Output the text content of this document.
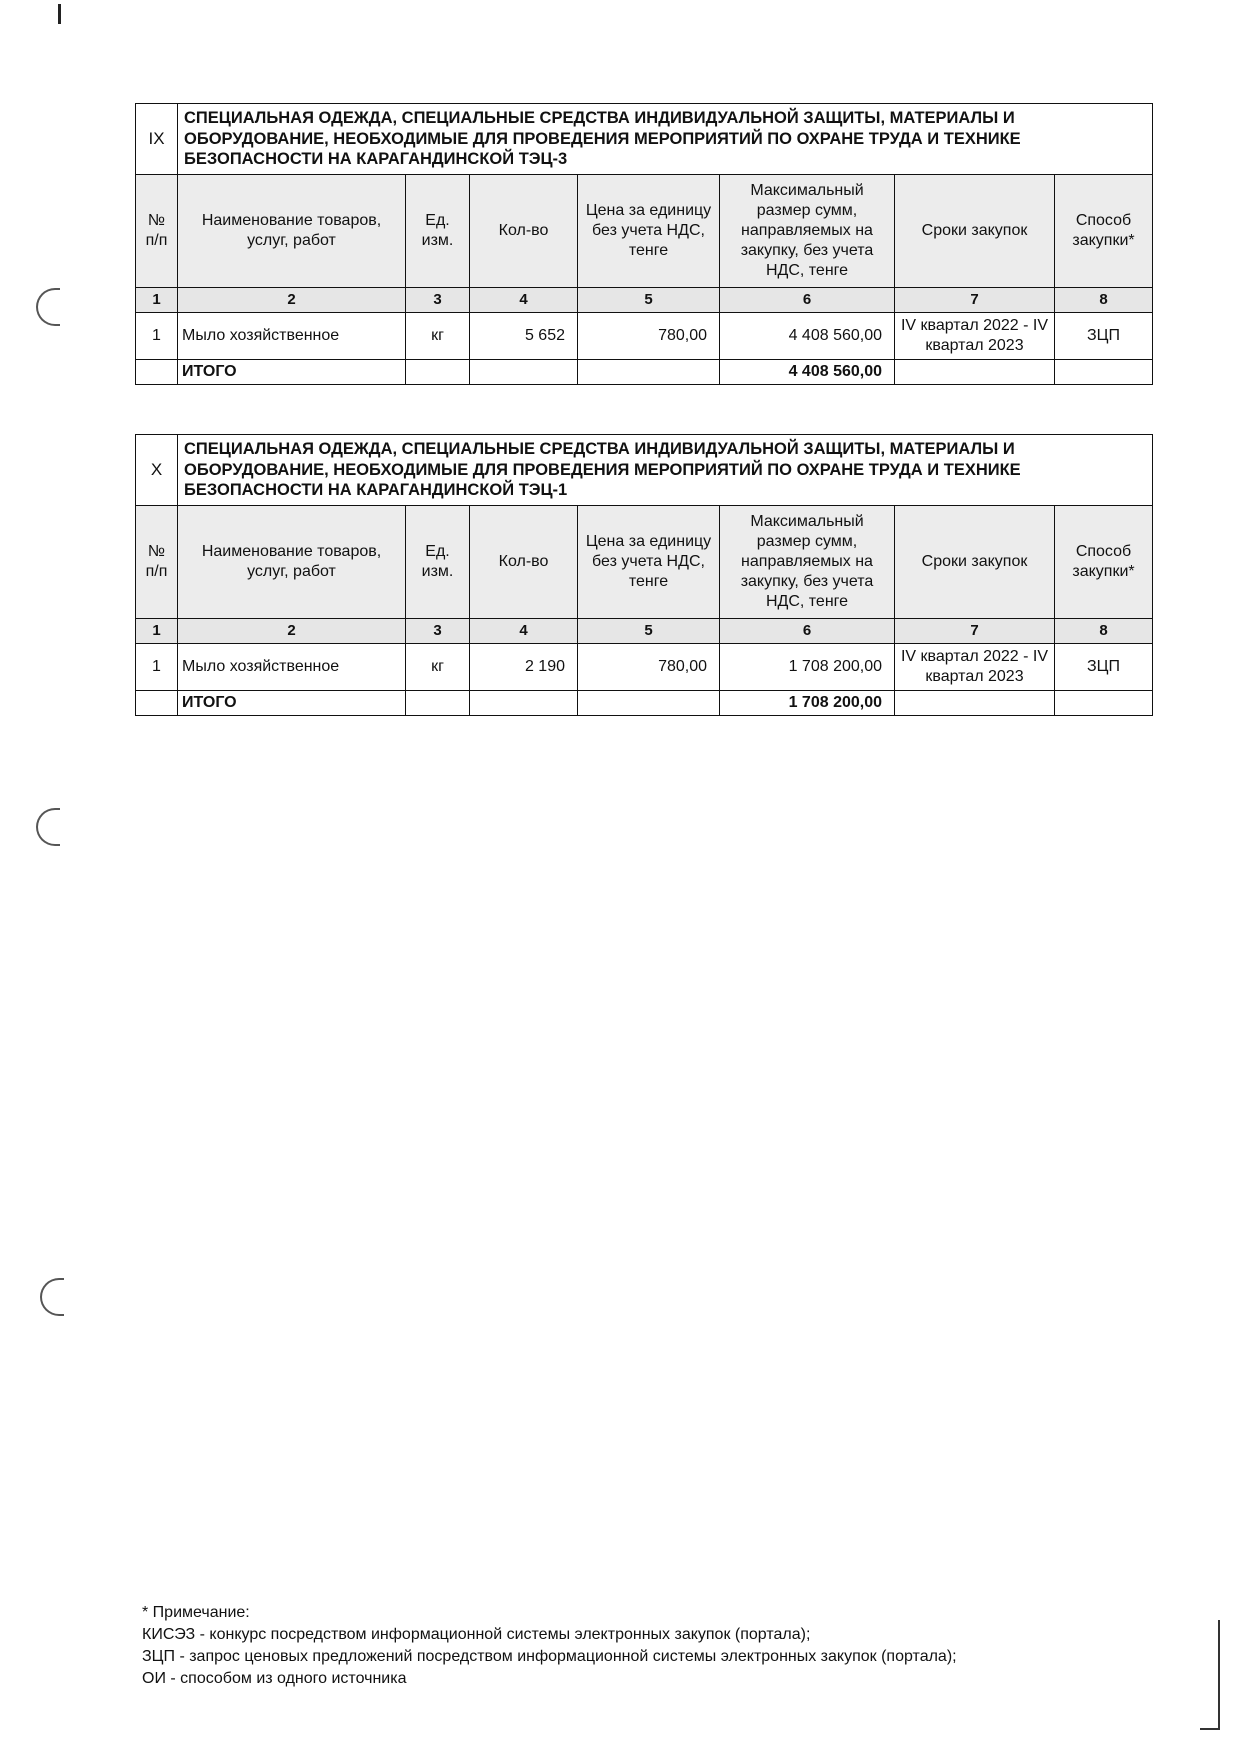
IX	СПЕЦИАЛЬНАЯ ОДЕЖДА, СПЕЦИАЛЬНЫЕ СРЕДСТВА ИНДИВИДУАЛЬНОЙ ЗАЩИТЫ, МАТЕРИАЛЫ И ОБОРУДОВАНИЕ, НЕОБХОДИМЫЕ ДЛЯ ПРОВЕДЕНИЯ МЕРОПРИЯТИЙ ПО ОХРАНЕ ТРУДА И ТЕХНИКЕ БЕЗОПАСНОСТИ НА КАРАГАНДИНСКОЙ ТЭЦ-3						
№ п/п	Наименование товаров, услуг, работ	Ед. изм.	Кол-во	Цена за единицу без учета НДС, тенге	Максимальный размер сумм, направляемых на закупку, без учета НДС, тенге	Сроки закупок	Способ закупки*
1	2	3	4	5	6	7	8
1	Мыло хозяйственное	кг	5 652	780,00	4 408 560,00	IV квартал 2022 - IV квартал 2023	ЗЦП
	ИТОГО				4 408 560,00		
X	СПЕЦИАЛЬНАЯ ОДЕЖДА, СПЕЦИАЛЬНЫЕ СРЕДСТВА ИНДИВИДУАЛЬНОЙ ЗАЩИТЫ, МАТЕРИАЛЫ И ОБОРУДОВАНИЕ, НЕОБХОДИМЫЕ ДЛЯ ПРОВЕДЕНИЯ МЕРОПРИЯТИЙ ПО ОХРАНЕ ТРУДА И ТЕХНИКЕ БЕЗОПАСНОСТИ НА КАРАГАНДИНСКОЙ ТЭЦ-1						
№ п/п	Наименование товаров, услуг, работ	Ед. изм.	Кол-во	Цена за единицу без учета НДС, тенге	Максимальный размер сумм, направляемых на закупку, без учета НДС, тенге	Сроки закупок	Способ закупки*
1	2	3	4	5	6	7	8
1	Мыло хозяйственное	кг	2 190	780,00	1 708 200,00	IV квартал 2022 - IV квартал 2023	ЗЦП
	ИТОГО				1 708 200,00		
* Примечание:
КИСЭЗ - конкурс посредством информационной системы электронных закупок (портала);
ЗЦП - запрос ценовых предложений посредством информационной системы электронных закупок (портала);
ОИ - способом из одного источника
